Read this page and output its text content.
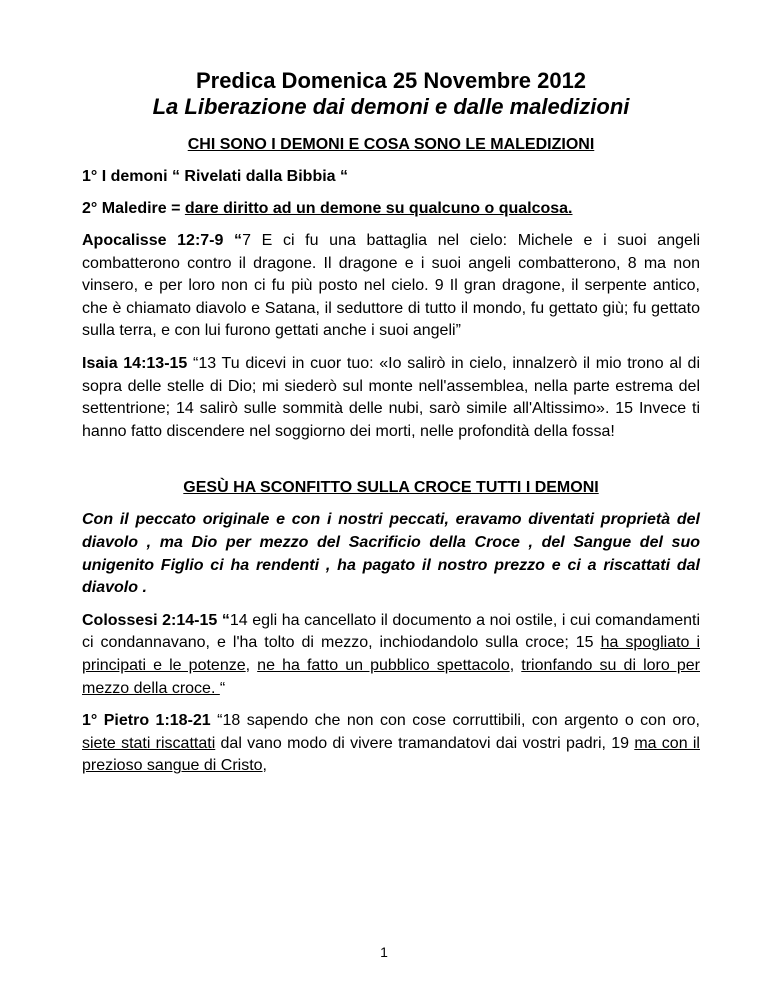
Predica Domenica 25 Novembre 2012
La Liberazione dai demoni e dalle maledizioni
CHI SONO I DEMONI E COSA SONO LE MALEDIZIONI
1° I demoni “ Rivelati dalla Bibbia “
2° Maledire = dare diritto ad un demone su qualcuno o qualcosa.

Apocalisse 12:7-9 “7 E ci fu una battaglia nel cielo: Michele e i suoi angeli combatterono contro il dragone. Il dragone e i suoi angeli combatterono, 8 ma non vinsero, e per loro non ci fu più posto nel cielo. 9 Il gran dragone, il serpente antico, che è chiamato diavolo e Satana, il seduttore di tutto il mondo, fu gettato giù; fu gettato sulla terra, e con lui furono gettati anche i suoi angeli”

Isaia 14:13-15 “13 Tu dicevi in cuor tuo: «Io salirò in cielo, innalzerò il mio trono al di sopra delle stelle di Dio; mi siederò sul monte nell'assemblea, nella parte estrema del settentrione; 14 salirò sulle sommità delle nubi, sarò simile all'Altissimo». 15 Invece ti hanno fatto discendere nel soggiorno dei morti, nelle profondità della fossa!

GESÙ HA SCONFITTO SULLA CROCE TUTTI I DEMONI

Con il peccato originale e con i nostri peccati, eravamo diventati proprietà del diavolo , ma Dio per mezzo del Sacrificio della Croce , del Sangue del suo unigenito Figlio ci ha rendenti , ha pagato il nostro prezzo e ci a riscattati dal diavolo .

Colossesi 2:14-15 “14 egli ha cancellato il documento a noi ostile, i cui comandamenti ci condannavano, e l'ha tolto di mezzo, inchiodandolo sulla croce; 15 ha spogliato i principati e le potenze, ne ha fatto un pubblico spettacolo, trionfando su di loro per mezzo della croce. “

1° Pietro 1:18-21 “18 sapendo che non con cose corruttibili, con argento o con oro, siete stati riscattati dal vano modo di vivere tramandatovi dai vostri padri, 19 ma con il prezioso sangue di Cristo,

1
